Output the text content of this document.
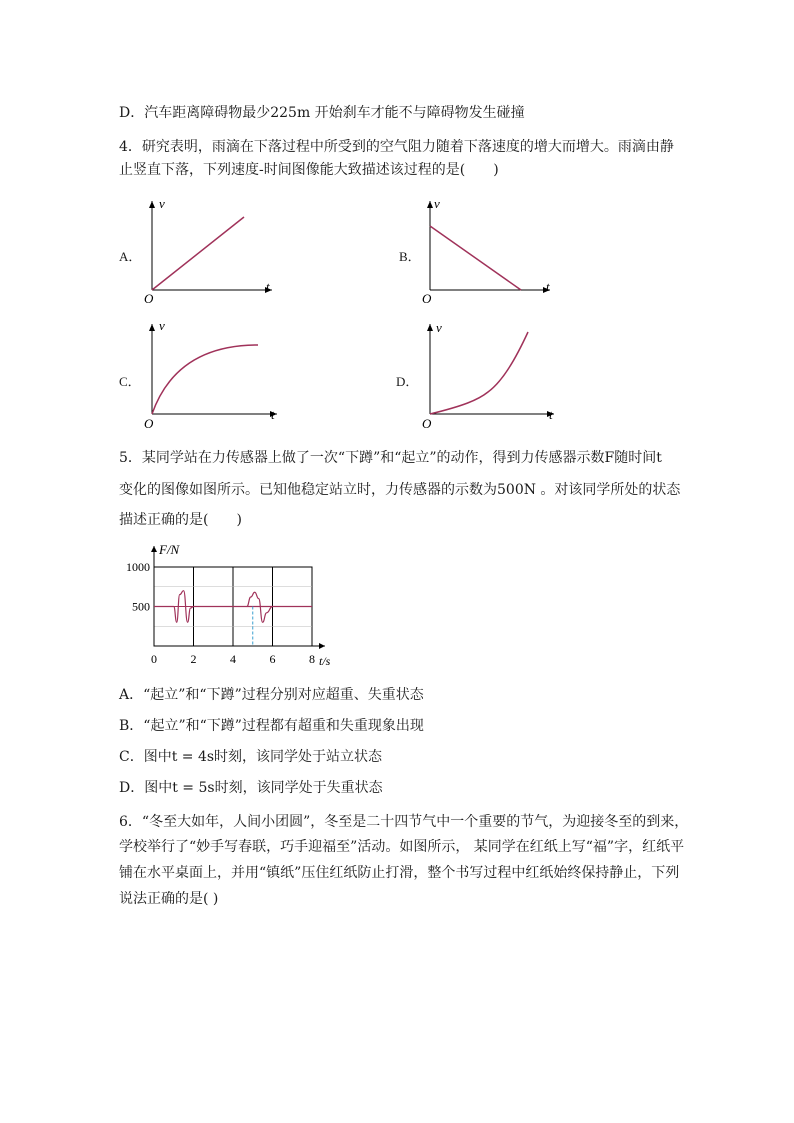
D．汽车距离障碍物最少225m 开始刹车才能不与障碍物发生碰撞
4．研究表明，雨滴在下落过程中所受到的空气阻力随着下落速度的增大而增大。雨滴由静
止竖直下落，下列速度-时间图像能大致描述该过程的是(　　)
A．	B．
C．	D．
v
t
O
v
t
O
v
t
O
v
t
O
5．某同学站在力传感器上做了一次“下蹲”和“起立”的动作，得到力传感器示数F随时间t
变化的图像如图所示。已知他稳定站立时，力传感器的示数为500N 。对该同学所处的状态
描述正确的是(　　)
1000
500
0	2	4	6	8
F/N
t/s
A．“起立”和“下蹲”过程分别对应超重、失重状态
B．“起立”和“下蹲”过程都有超重和失重现象出现
C．图中t = 4s时刻，该同学处于站立状态
D．图中t = 5s时刻，该同学处于失重状态
6．“冬至大如年，人间小团圆”，冬至是二十四节气中一个重要的节气，为迎接冬至的到来，
学校举行了“妙手写春联，巧手迎福至”活动。如图所示， 某同学在红纸上写“福”字，红纸平
铺在水平桌面上，并用“镇纸”压住红纸防止打滑，整个书写过程中红纸始终保持静止，下列
说法正确的是( )
